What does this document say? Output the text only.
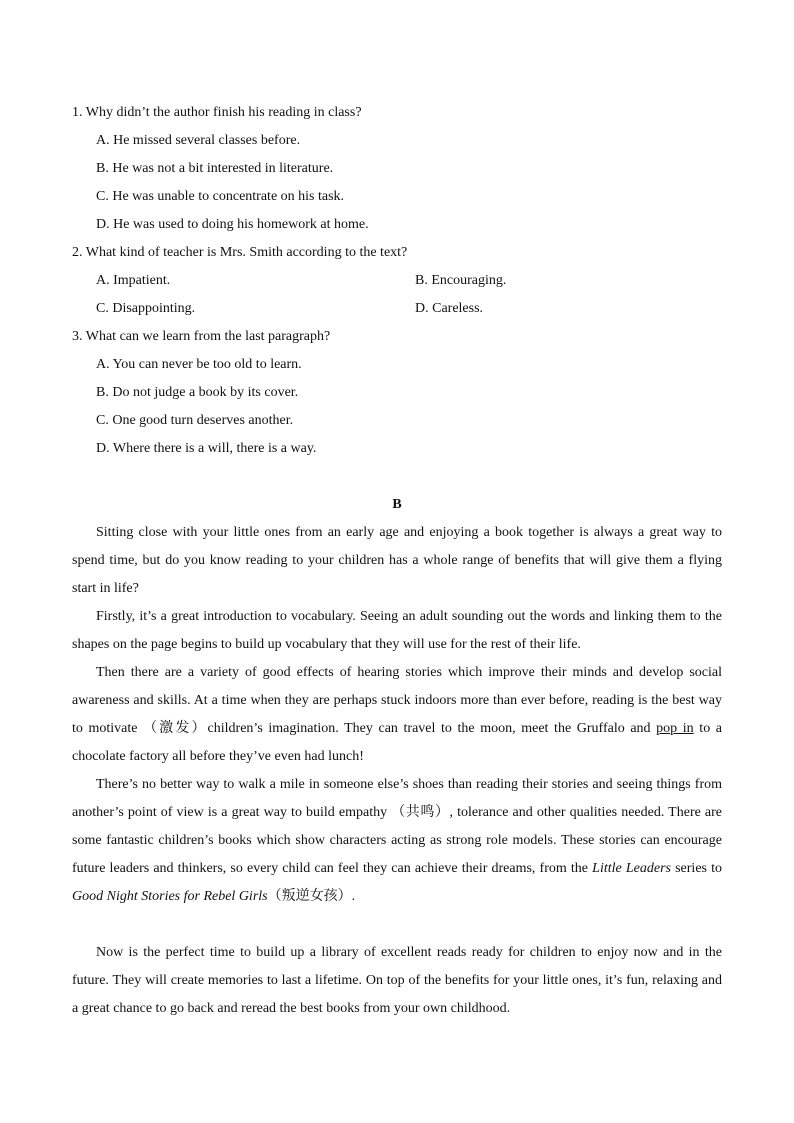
1. Why didn’t the author finish his reading in class?
A. He missed several classes before.
B. He was not a bit interested in literature.
C. He was unable to concentrate on his task.
D. He was used to doing his homework at home.
2. What kind of teacher is Mrs. Smith according to the text?
A. Impatient.	B. Encouraging.
C. Disappointing.	D. Careless.
3. What can we learn from the last paragraph?
A. You can never be too old to learn.
B. Do not judge a book by its cover.
C. One good turn deserves another.
D. Where there is a will, there is a way.
B

Sitting close with your little ones from an early age and enjoying a book together is always a great way to spend time, but do you know reading to your children has a whole range of benefits that will give them a flying start in life?

Firstly, it’s a great introduction to vocabulary. Seeing an adult sounding out the words and linking them to the shapes on the page begins to build up vocabulary that they will use for the rest of their life.

Then there are a variety of good effects of hearing stories which improve their minds and develop social awareness and skills. At a time when they are perhaps stuck indoors more than ever before, reading is the best way to motivate （激发）children’s imagination. They can travel to the moon, meet the Gruffalo and pop in to a chocolate factory all before they’ve even had lunch!

There’s no better way to walk a mile in someone else’s shoes than reading their stories and seeing things from another’s point of view is a great way to build empathy （共鸣）, tolerance and other qualities needed. There are some fantastic children’s books which show characters acting as strong role models. These stories can encourage future leaders and thinkers, so every child can feel they can achieve their dreams, from the Little Leaders series to Good Night Stories for Rebel Girls（叛逆女孩）.

Now is the perfect time to build up a library of excellent reads ready for children to enjoy now and in the future. They will create memories to last a lifetime. On top of the benefits for your little ones, it’s fun, relaxing and a great chance to go back and reread the best books from your own childhood.
